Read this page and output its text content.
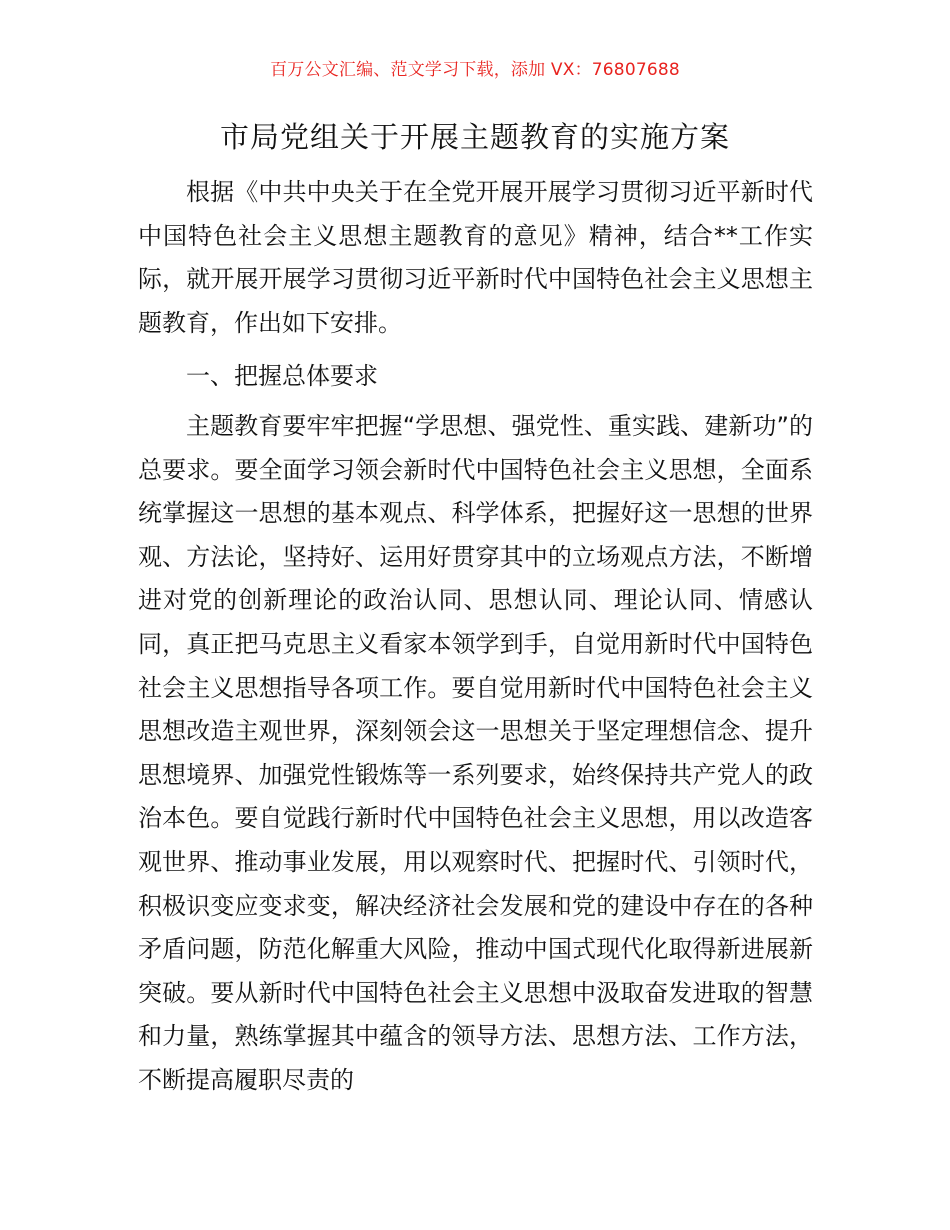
百万公文汇编、范文学习下载，添加 VX：76807688
市局党组关于开展主题教育的实施方案

根据《中共中央关于在全党开展开展学习贯彻习近平新时代中国特色社会主义思想主题教育的意见》精神，结合**工作实际，就开展开展学习贯彻习近平新时代中国特色社会主义思想主题教育，作出如下安排。

一、把握总体要求

主题教育要牢牢把握“学思想、强党性、重实践、建新功”的总要求。要全面学习领会新时代中国特色社会主义思想，全面系统掌握这一思想的基本观点、科学体系，把握好这一思想的世界观、方法论，坚持好、运用好贯穿其中的立场观点方法，不断增进对党的创新理论的政治认同、思想认同、理论认同、情感认同，真正把马克思主义看家本领学到手，自觉用新时代中国特色社会主义思想指导各项工作。要自觉用新时代中国特色社会主义思想改造主观世界，深刻领会这一思想关于坚定理想信念、提升思想境界、加强党性锻炼等一系列要求，始终保持共产党人的政治本色。要自觉践行新时代中国特色社会主义思想，用以改造客观世界、推动事业发展，用以观察时代、把握时代、引领时代，积极识变应变求变，解决经济社会发展和党的建设中存在的各种矛盾问题，防范化解重大风险，推动中国式现代化取得新进展新突破。要从新时代中国特色社会主义思想中汲取奋发进取的智慧和力量，熟练掌握其中蕴含的领导方法、思想方法、工作方法，不断提高履职尽责的
